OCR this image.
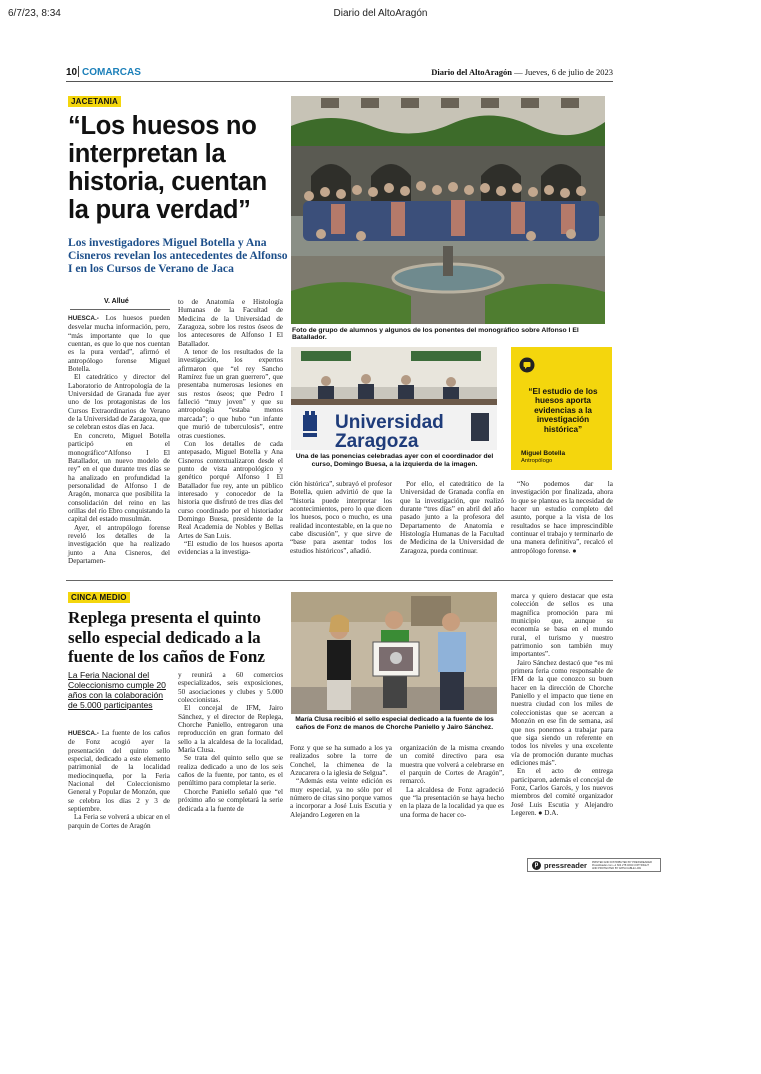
6/7/23, 8:34	Diario del AltoAragón
10 COMARCAS	Diario del AltoAragón — Jueves, 6 de julio de 2023
JACETANIA
“Los huesos no interpretan la historia, cuentan la pura verdad”
Los investigadores Miguel Botella y Ana Cisneros revelan los antecedentes de Alfonso I en los Cursos de Verano de Jaca
Foto de grupo de alumnos y algunos de los ponentes del monográfico sobre Alfonso I El Batallador.
Universidad Zaragoza
Una de las ponencias celebradas ayer con el coordinador del curso, Domingo Buesa, a la izquierda de la imagen.
“El estudio de los huesos aporta evidencias a la investigación histórica”
Miguel Botella
Antropólogo
V. Allué

HUESCA.- Los huesos pueden desvelar mucha información, pero, “más importante que lo que cuentan, es que lo que nos cuentan es la pura verdad”, afirmó el antropólogo forense Miguel Botella.

El catedrático y director del Laboratorio de Antropología de la Universidad de Granada fue ayer uno de los protagonistas de los Cursos Extraordinarios de Verano de la Universidad de Zaragoza, que se celebran estos días en Jaca.

En concreto, Miguel Botella participó en el monográfico“Alfonso I El Batallador, un nuevo modelo de rey” en el que durante tres días se ha analizado en profundidad la personalidad de Alfonso I de Aragón, monarca que posibilita la consolidación del reino en las orillas del río Ebro conquistando la capital del estado musulmán.

Ayer, el antropólogo forense reveló los detalles de la investigación que ha realizado junto a Ana Cisneros, del Departamen-

to de Anatomía e Histología Humanas de la Facultad de Medicina de la Universidad de Zaragoza, sobre los restos óseos de los antecesores de Alfonso I El Batallador.

A tenor de los resultados de la investigación, los expertos afirmaron que “el rey Sancho Ramírez fue un gran guerrero”, que presentaba numerosas lesiones en sus restos óseos; que Pedro I falleció “muy joven” y que su antropología “estaba menos marcada”; o que hubo “un infante que murió de tuberculosis”, entre otras cuestiones.

Con los detalles de cada antepasado, Miguel Botella y Ana Cisneros contextualizaron desde el punto de vista antropológico y genético porqué Alfonso I El Batallador fue rey, ante un público interesado y conocedor de la historia que disfrutó de tres días del curso coordinado por el historiador Domingo Buesa, presidente de la Real Academia de Nobles y Bellas Artes de San Luis.

“El estudio de los huesos aporta evidencias a la investiga-

ción histórica”, subrayó el profesor Botella, quien advirtió de que la “historia puede interpretar los acontecimientos, pero lo que dicen los huesos, poco o mucho, es una realidad incontestable, en la que no cabe discusión”, y que sirve de “base para asentar todos los estudios históricos”, añadió.

Por ello, el catedrático de la Universidad de Granada confía en que la investigación, que realizó durante “tres días” en abril del año pasado junto a la profesora del Departamento de Anatomía e Histología Humanas de la Facultad de Medicina de la Universidad de Zaragoza, pueda continuar.

“No podemos dar la investigación por finalizada, ahora lo que se plantea es la necesidad de hacer un estudio completo del asunto, porque a la vista de los resultados se hace imprescindible continuar el trabajo y terminarlo de una manera definitiva”, recalcó el antropólogo forense. ●

CINCA MEDIO
Replega presenta el quinto sello especial dedicado a la fuente de los caños de Fonz
La Feria Nacional del Coleccionismo cumple 20 años con la colaboración de 5.000 participantes
María Clusa recibió el sello especial dedicado a la fuente de los caños de Fonz de manos de Chorche Paniello y Jairo Sánchez.

HUESCA.- La fuente de los caños de Fonz acogió ayer la presentación del quinto sello especial, dedicado a este elemento patrimonial de la localidad mediocinqueña, por la Feria Nacional del Coleccionismo General y Popular de Monzón, que se celebra los días 2 y 3 de septiembre.

La Feria se volverá a ubicar en el parquin de Cortes de Aragón

y reunirá a 60 comercios especializados, seis exposiciones, 50 asociaciones y clubes y 5.000 coleccionistas.

El concejal de IFM, Jairo Sánchez, y el director de Replega, Chorche Paniello, entregaron una reproducción en gran formato del sello a la alcaldesa de la localidad, María Clusa.

Se trata del quinto sello que se realiza dedicado a uno de los seis caños de la fuente, por tanto, es el penúltimo para completar la serie.

Chorche Paniello señaló que “el próximo año se completará la serie dedicada a la fuente de

Fonz y que se ha sumado a los ya realizados sobre la torre de Conchel, la chimenea de la Azucarera o la iglesia de Selgua”.

“Además esta veinte edición es muy especial, ya no sólo por el número de citas sino porque vamos a incorporar a José Luis Escutia y Alejandro Legeren en la

organización de la misma creando un comité directivo para esa muestra que volverá a celebrarse en el parquin de Cortes de Aragón”, remarcó.

La alcaldesa de Fonz agradeció que “la presentación se haya hecho en la plaza de la localidad ya que es una forma de hacer co-

marca y quiero destacar que esta colección de sellos es una magnífica promoción para mi municipio que, aunque su economía se basa en el mundo rural, el turismo y nuestro patrimonio son también muy importantes”.

Jairo Sánchez destacó que “es mi primera feria como responsable de IFM de la que conozco su buen hacer en la dirección de Chorche Paniello y el impacto que tiene en nuestra ciudad con los miles de coleccionistas que se acercan a Monzón en ese fin de semana, así que nos ponemos a trabajar para que siga siendo un referente en todos los niveles y una excelente vía de promoción durante muchas ediciones más”.

En el acto de entrega participaron, además el concejal de Fonz, Carlos Garcés, y los nuevos miembros del comité organizador José Luis Escutia y Alejandro Legeren. ● D.A.

p pressreader PRINTED AND DISTRIBUTED BY PRESSREADER PressReader.com +1 604 278 4604 COPYRIGHT AND PROTECTED BY APPLICABLE LAW
